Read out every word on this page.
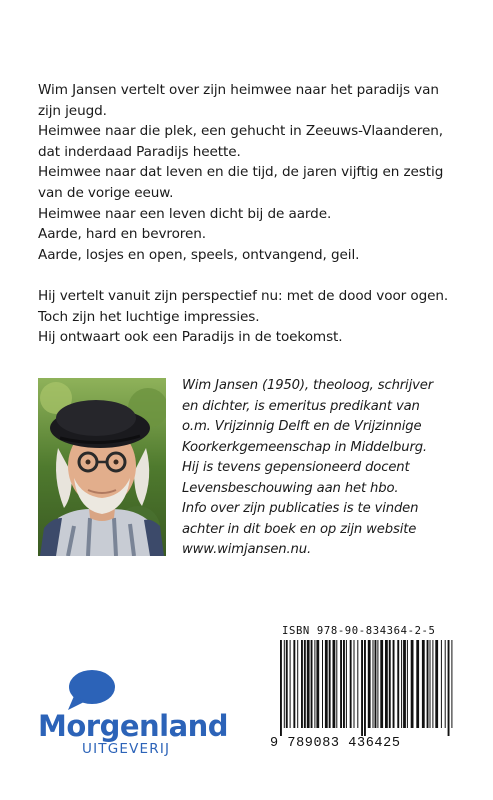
Wim Jansen vertelt over zijn heimwee naar het paradijs van

zijn jeugd.

Heimwee naar die plek, een gehucht in Zeeuws-Vlaanderen,

dat inderdaad Paradijs heette.

Heimwee naar dat leven en die tijd, de jaren vijftig en zestig

van de vorige eeuw.

Heimwee naar een leven dicht bij de aarde.

Aarde, hard en bevroren.

Aarde, losjes en open, speels, ontvangend, geil.

Hij vertelt vanuit zijn perspectief nu: met de dood voor ogen.

Toch zijn het luchtige impressies.

Hij ontwaart ook een Paradijs in de toekomst.

Wim Jansen (1950), theoloog, schrijver

en dichter, is emeritus predikant van

o.m. Vrijzinnig Delft en de Vrijzinnige

Koorkerkgemeenschap in Middelburg.

Hij is tevens gepensioneerd docent

Levensbeschouwing aan het hbo.

Info over zijn publicaties is te vinden

achter in dit boek en op zijn website

www.wimjansen.nu.

ISBN 978-90-834364-2-5
9 789083 436425
Morgenland
UITGEVERIJ
